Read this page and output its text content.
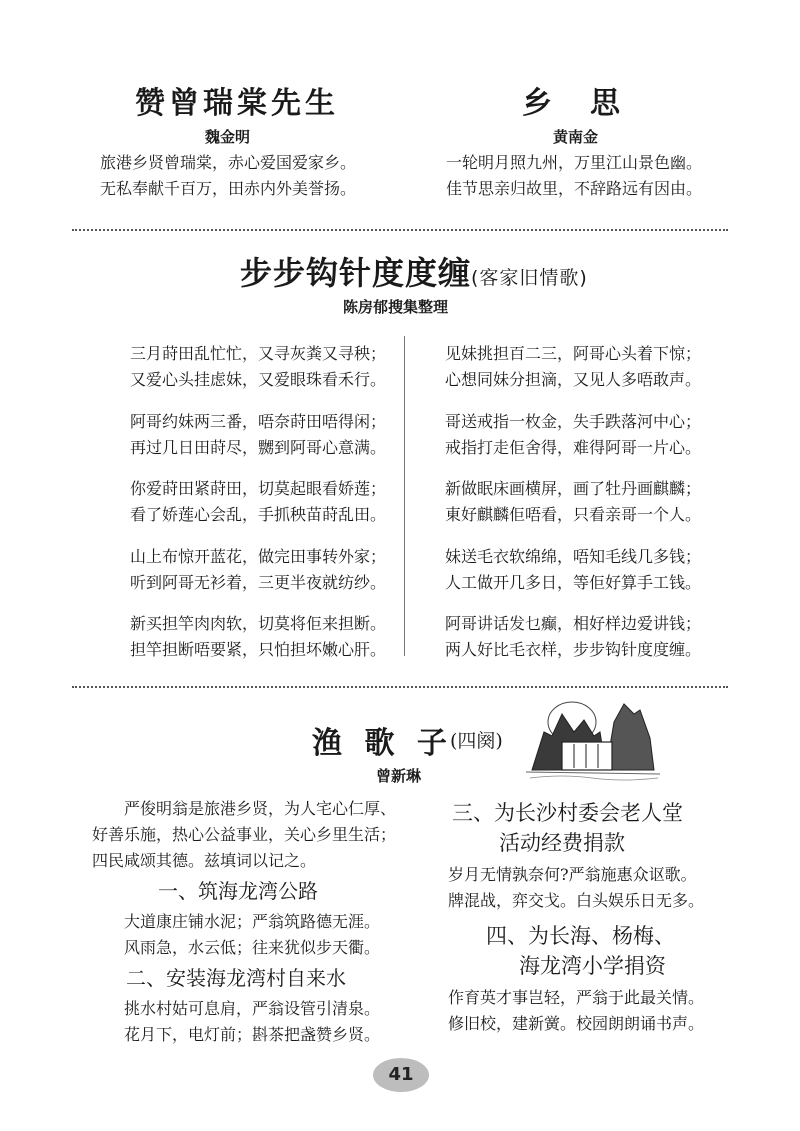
赞曾瑞棠先生
魏金明
旅港乡贤曾瑞棠，赤心爱国爱家乡。
无私奉献千百万，田赤内外美誉扬。
乡　思
黄南金
一轮明月照九州，万里江山景色幽。
佳节思亲归故里，不辞路远有因由。
步步钩针度度缠(客家旧情歌)
陈房郁搜集整理
三月莳田乱忙忙，又寻灰粪又寻秧；
又爱心头挂虑妹，又爱眼珠看禾行。
阿哥约妹两三番，唔奈莳田唔得闲；
再过几日田莳尽，嬲到阿哥心意满。
你爱莳田紧莳田，切莫起眼看娇莲；
看了娇莲心会乱，手抓秧苗莳乱田。
山上布惊开蓝花，做完田事转外家；
听到阿哥无衫着，三更半夜就纺纱。
新买担竿肉肉软，切莫将佢来担断。
担竿担断唔要紧，只怕担坏嫩心肝。
见妹挑担百二三，阿哥心头着下惊；
心想同妹分担滴，又见人多唔敢声。
哥送戒指一枚金，失手跌落河中心；
戒指打走佢舍得，难得阿哥一片心。
新做眠床画横屏，画了牡丹画麒麟；
東好麒麟佢唔看，只看亲哥一个人。
妹送毛衣软绵绵，唔知毛线几多钱；
人工做开几多日，等佢好算手工钱。
阿哥讲话发乜癫，相好样边爱讲钱；
两人好比毛衣样，步步钩针度度缠。
渔 歌 子
(四阕)
曾新琳
严俊明翁是旅港乡贤，为人宅心仁厚、
好善乐施，热心公益事业，关心乡里生活；
四民咸颂其德。兹填词以记之。
一、筑海龙湾公路
大道康庄铺水泥；严翁筑路德无涯。
风雨急，水云低；往来犹似步天衢。
二、安装海龙湾村自来水
挑水村姑可息肩，严翁设管引清泉。
花月下，电灯前；斟茶把盏赞乡贤。
三、为长沙村委会老人堂
活动经费捐款
岁月无情孰奈何?严翁施惠众讴歌。
牌混战，弈交戈。白头娱乐日无多。
四、为长海、杨梅、
海龙湾小学捐资
作育英才事岂轻，严翁于此最关情。
修旧校，建新黉。校园朗朗诵书声。
41
